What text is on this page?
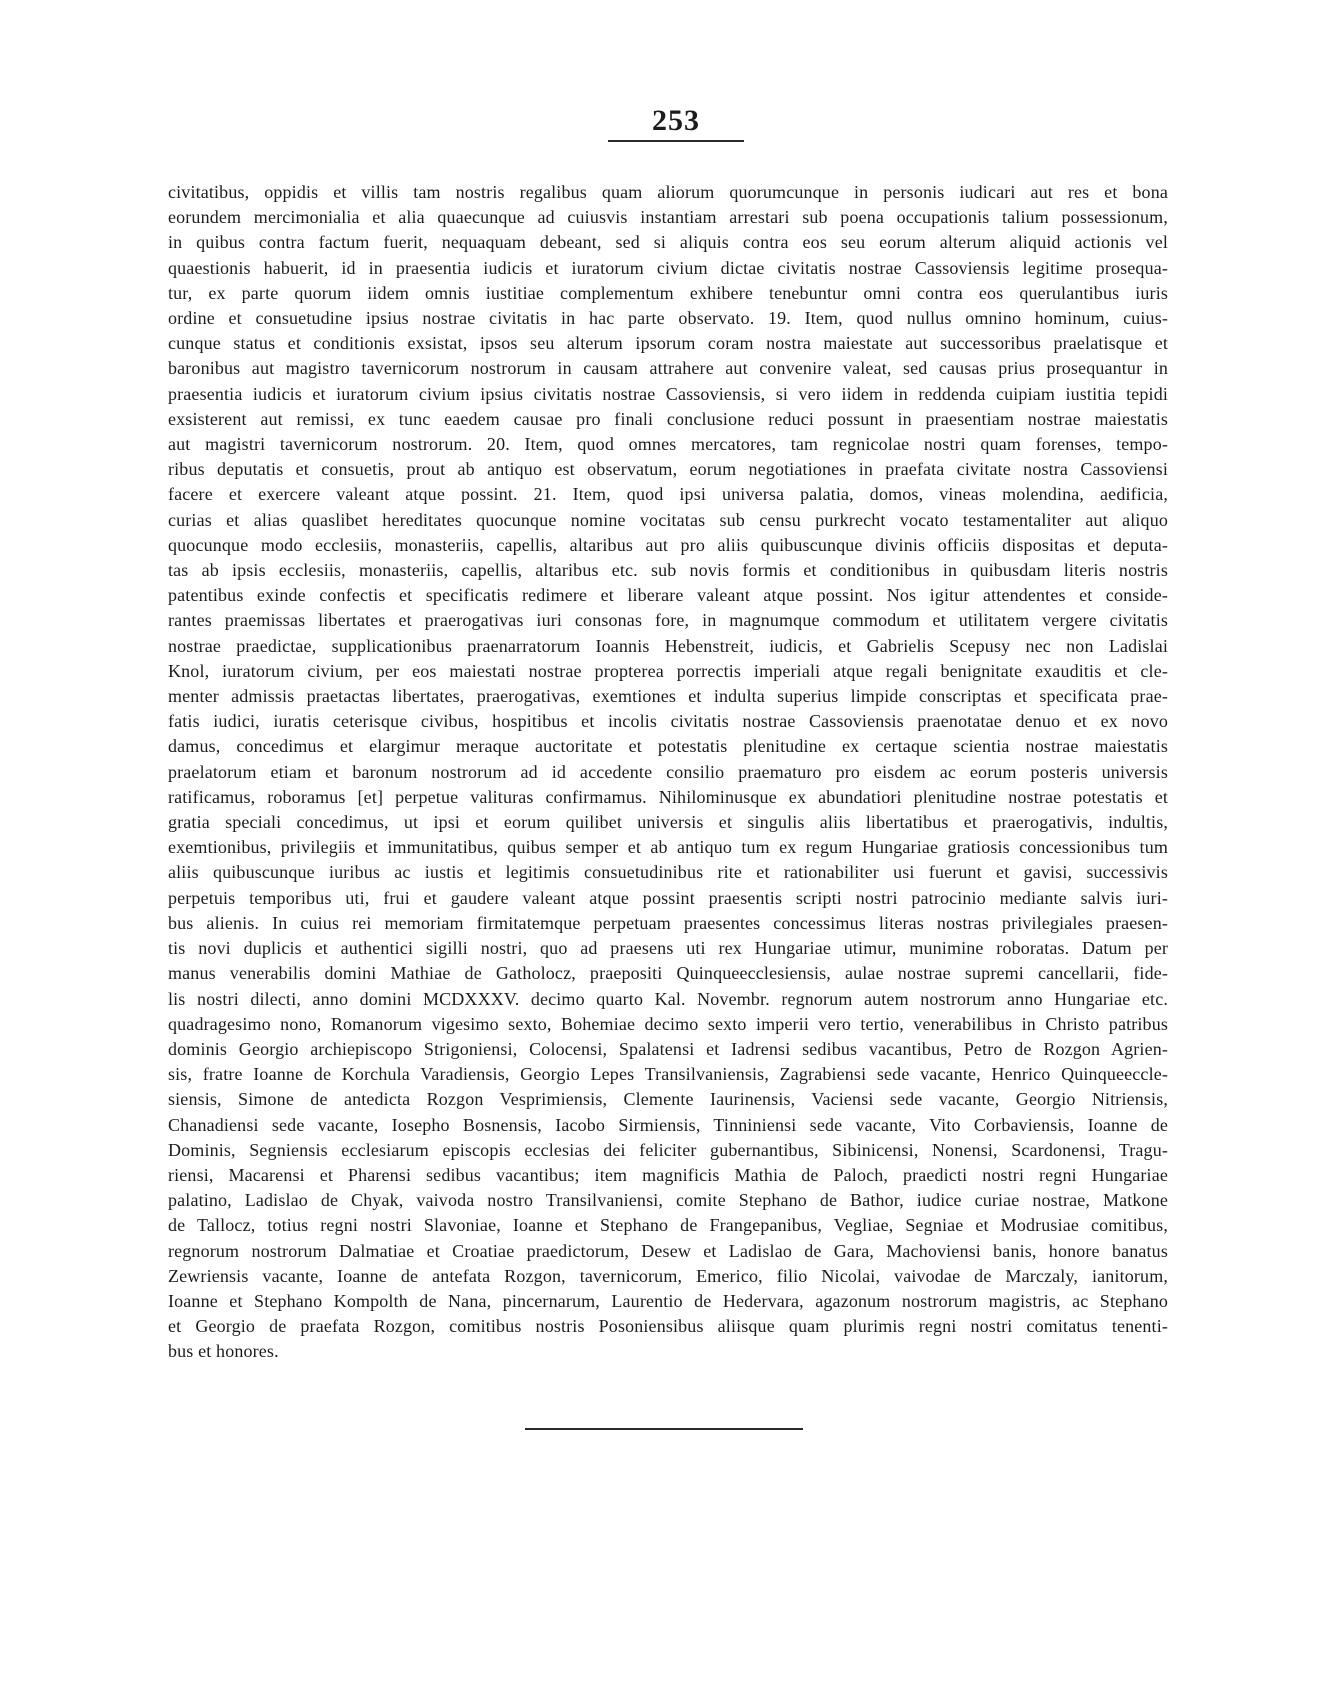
253
civitatibus, oppidis et villis tam nostris regalibus quam aliorum quorumcunque in personis iudicari aut res et bona
eorundem mercimonialia et alia quaecunque ad cuiusvis instantiam arrestari sub poena occupationis talium possessionum,
in quibus contra factum fuerit, nequaquam debeant, sed si aliquis contra eos seu eorum alterum aliquid actionis vel
quaestionis habuerit, id in praesentia iudicis et iuratorum civium dictae civitatis nostrae Cassoviensis legitime prosequa-
tur, ex parte quorum iidem omnis iustitiae complementum exhibere tenebuntur omni contra eos querulantibus iuris
ordine et consuetudine ipsius nostrae civitatis in hac parte observato. 19. Item, quod nullus omnino hominum, cuius-
cunque status et conditionis exsistat, ipsos seu alterum ipsorum coram nostra maiestate aut successoribus praelatisque et
baronibus aut magistro tavernicorum nostrorum in causam attrahere aut convenire valeat, sed causas prius prosequantur in
praesentia iudicis et iuratorum civium ipsius civitatis nostrae Cassoviensis, si vero iidem in reddenda cuipiam iustitia tepidi
exsisterent aut remissi, ex tunc eaedem causae pro finali conclusione reduci possunt in praesentiam nostrae maiestatis
aut magistri tavernicorum nostrorum. 20. Item, quod omnes mercatores, tam regnicolae nostri quam forenses, tempo-
ribus deputatis et consuetis, prout ab antiquo est observatum, eorum negotiationes in praefata civitate nostra Cassoviensi
facere et exercere valeant atque possint. 21. Item, quod ipsi universa palatia, domos, vineas molendina, aedificia,
curias et alias quaslibet hereditates quocunque nomine vocitatas sub censu purkrecht vocato testamentaliter aut aliquo
quocunque modo ecclesiis, monasteriis, capellis, altaribus aut pro aliis quibuscunque divinis officiis dispositas et deputa-
tas ab ipsis ecclesiis, monasteriis, capellis, altaribus etc. sub novis formis et conditionibus in quibusdam literis nostris
patentibus exinde confectis et specificatis redimere et liberare valeant atque possint. Nos igitur attendentes et conside-
rantes praemissas libertates et praerogativas iuri consonas fore, in magnumque commodum et utilitatem vergere civitatis
nostrae praedictae, supplicationibus praenarratorum Ioannis Hebenstreit, iudicis, et Gabrielis Scepusy nec non Ladislai
Knol, iuratorum civium, per eos maiestati nostrae propterea porrectis imperiali atque regali benignitate exauditis et cle-
menter admissis praetactas libertates, praerogativas, exemtiones et indulta superius limpide conscriptas et specificata prae-
fatis iudici, iuratis ceterisque civibus, hospitibus et incolis civitatis nostrae Cassoviensis praenotatae denuo et ex novo
damus, concedimus et elargimur meraque auctoritate et potestatis plenitudine ex certaque scientia nostrae maiestatis
praelatorum etiam et baronum nostrorum ad id accedente consilio praematuro pro eisdem ac eorum posteris universis
ratificamus, roboramus [et] perpetue valituras confirmamus. Nihilominusque ex abundatiori plenitudine nostrae potestatis et
gratia speciali concedimus, ut ipsi et eorum quilibet universis et singulis aliis libertatibus et praerogativis, indultis,
exemtionibus, privilegiis et immunitatibus, quibus semper et ab antiquo tum ex regum Hungariae gratiosis concessionibus tum
aliis quibuscunque iuribus ac iustis et legitimis consuetudinibus rite et rationabiliter usi fuerunt et gavisi, successivis
perpetuis temporibus uti, frui et gaudere valeant atque possint praesentis scripti nostri patrocinio mediante salvis iuri-
bus alienis. In cuius rei memoriam firmitatemque perpetuam praesentes concessimus literas nostras privilegiales praesen-
tis novi duplicis et authentici sigilli nostri, quo ad praesens uti rex Hungariae utimur, munimine roboratas. Datum per
manus venerabilis domini Mathiae de Gatholocz, praepositi Quinqueecclesiensis, aulae nostrae supremi cancellarii, fide-
lis nostri dilecti, anno domini MCDXXXV. decimo quarto Kal. Novembr. regnorum autem nostrorum anno Hungariae etc.
quadragesimo nono, Romanorum vigesimo sexto, Bohemiae decimo sexto imperii vero tertio, venerabilibus in Christo patribus
dominis Georgio archiepiscopo Strigoniensi, Colocensi, Spalatensi et Iadrensi sedibus vacantibus, Petro de Rozgon Agrien-
sis, fratre Ioanne de Korchula Varadiensis, Georgio Lepes Transilvaniensis, Zagrabiensi sede vacante, Henrico Quinqueeccle-
siensis, Simone de antedicta Rozgon Vesprimiensis, Clemente Iaurinensis, Vaciensi sede vacante, Georgio Nitriensis,
Chanadiensi sede vacante, Iosepho Bosnensis, Iacobo Sirmiensis, Tinniniensi sede vacante, Vito Corbaviensis, Ioanne de
Dominis, Segniensis ecclesiarum episcopis ecclesias dei feliciter gubernantibus, Sibinicensi, Nonensi, Scardonensi, Tragu-
riensi, Macarensi et Pharensi sedibus vacantibus; item magnificis Mathia de Paloch, praedicti nostri regni Hungariae
palatino, Ladislao de Chyak, vaivoda nostro Transilvaniensi, comite Stephano de Bathor, iudice curiae nostrae, Matkone
de Tallocz, totius regni nostri Slavoniae, Ioanne et Stephano de Frangepanibus, Vegliae, Segniae et Modrusiae comitibus,
regnorum nostrorum Dalmatiae et Croatiae praedictorum, Desew et Ladislao de Gara, Machoviensi banis, honore banatus
Zewriensis vacante, Ioanne de antefata Rozgon, tavernicorum, Emerico, filio Nicolai, vaivodae de Marczaly, ianitorum,
Ioanne et Stephano Kompolth de Nana, pincernarum, Laurentio de Hedervara, agazonum nostrorum magistris, ac Stephano
et Georgio de praefata Rozgon, comitibus nostris Posoniensibus aliisque quam plurimis regni nostri comitatus tenenti-
bus et honores.
